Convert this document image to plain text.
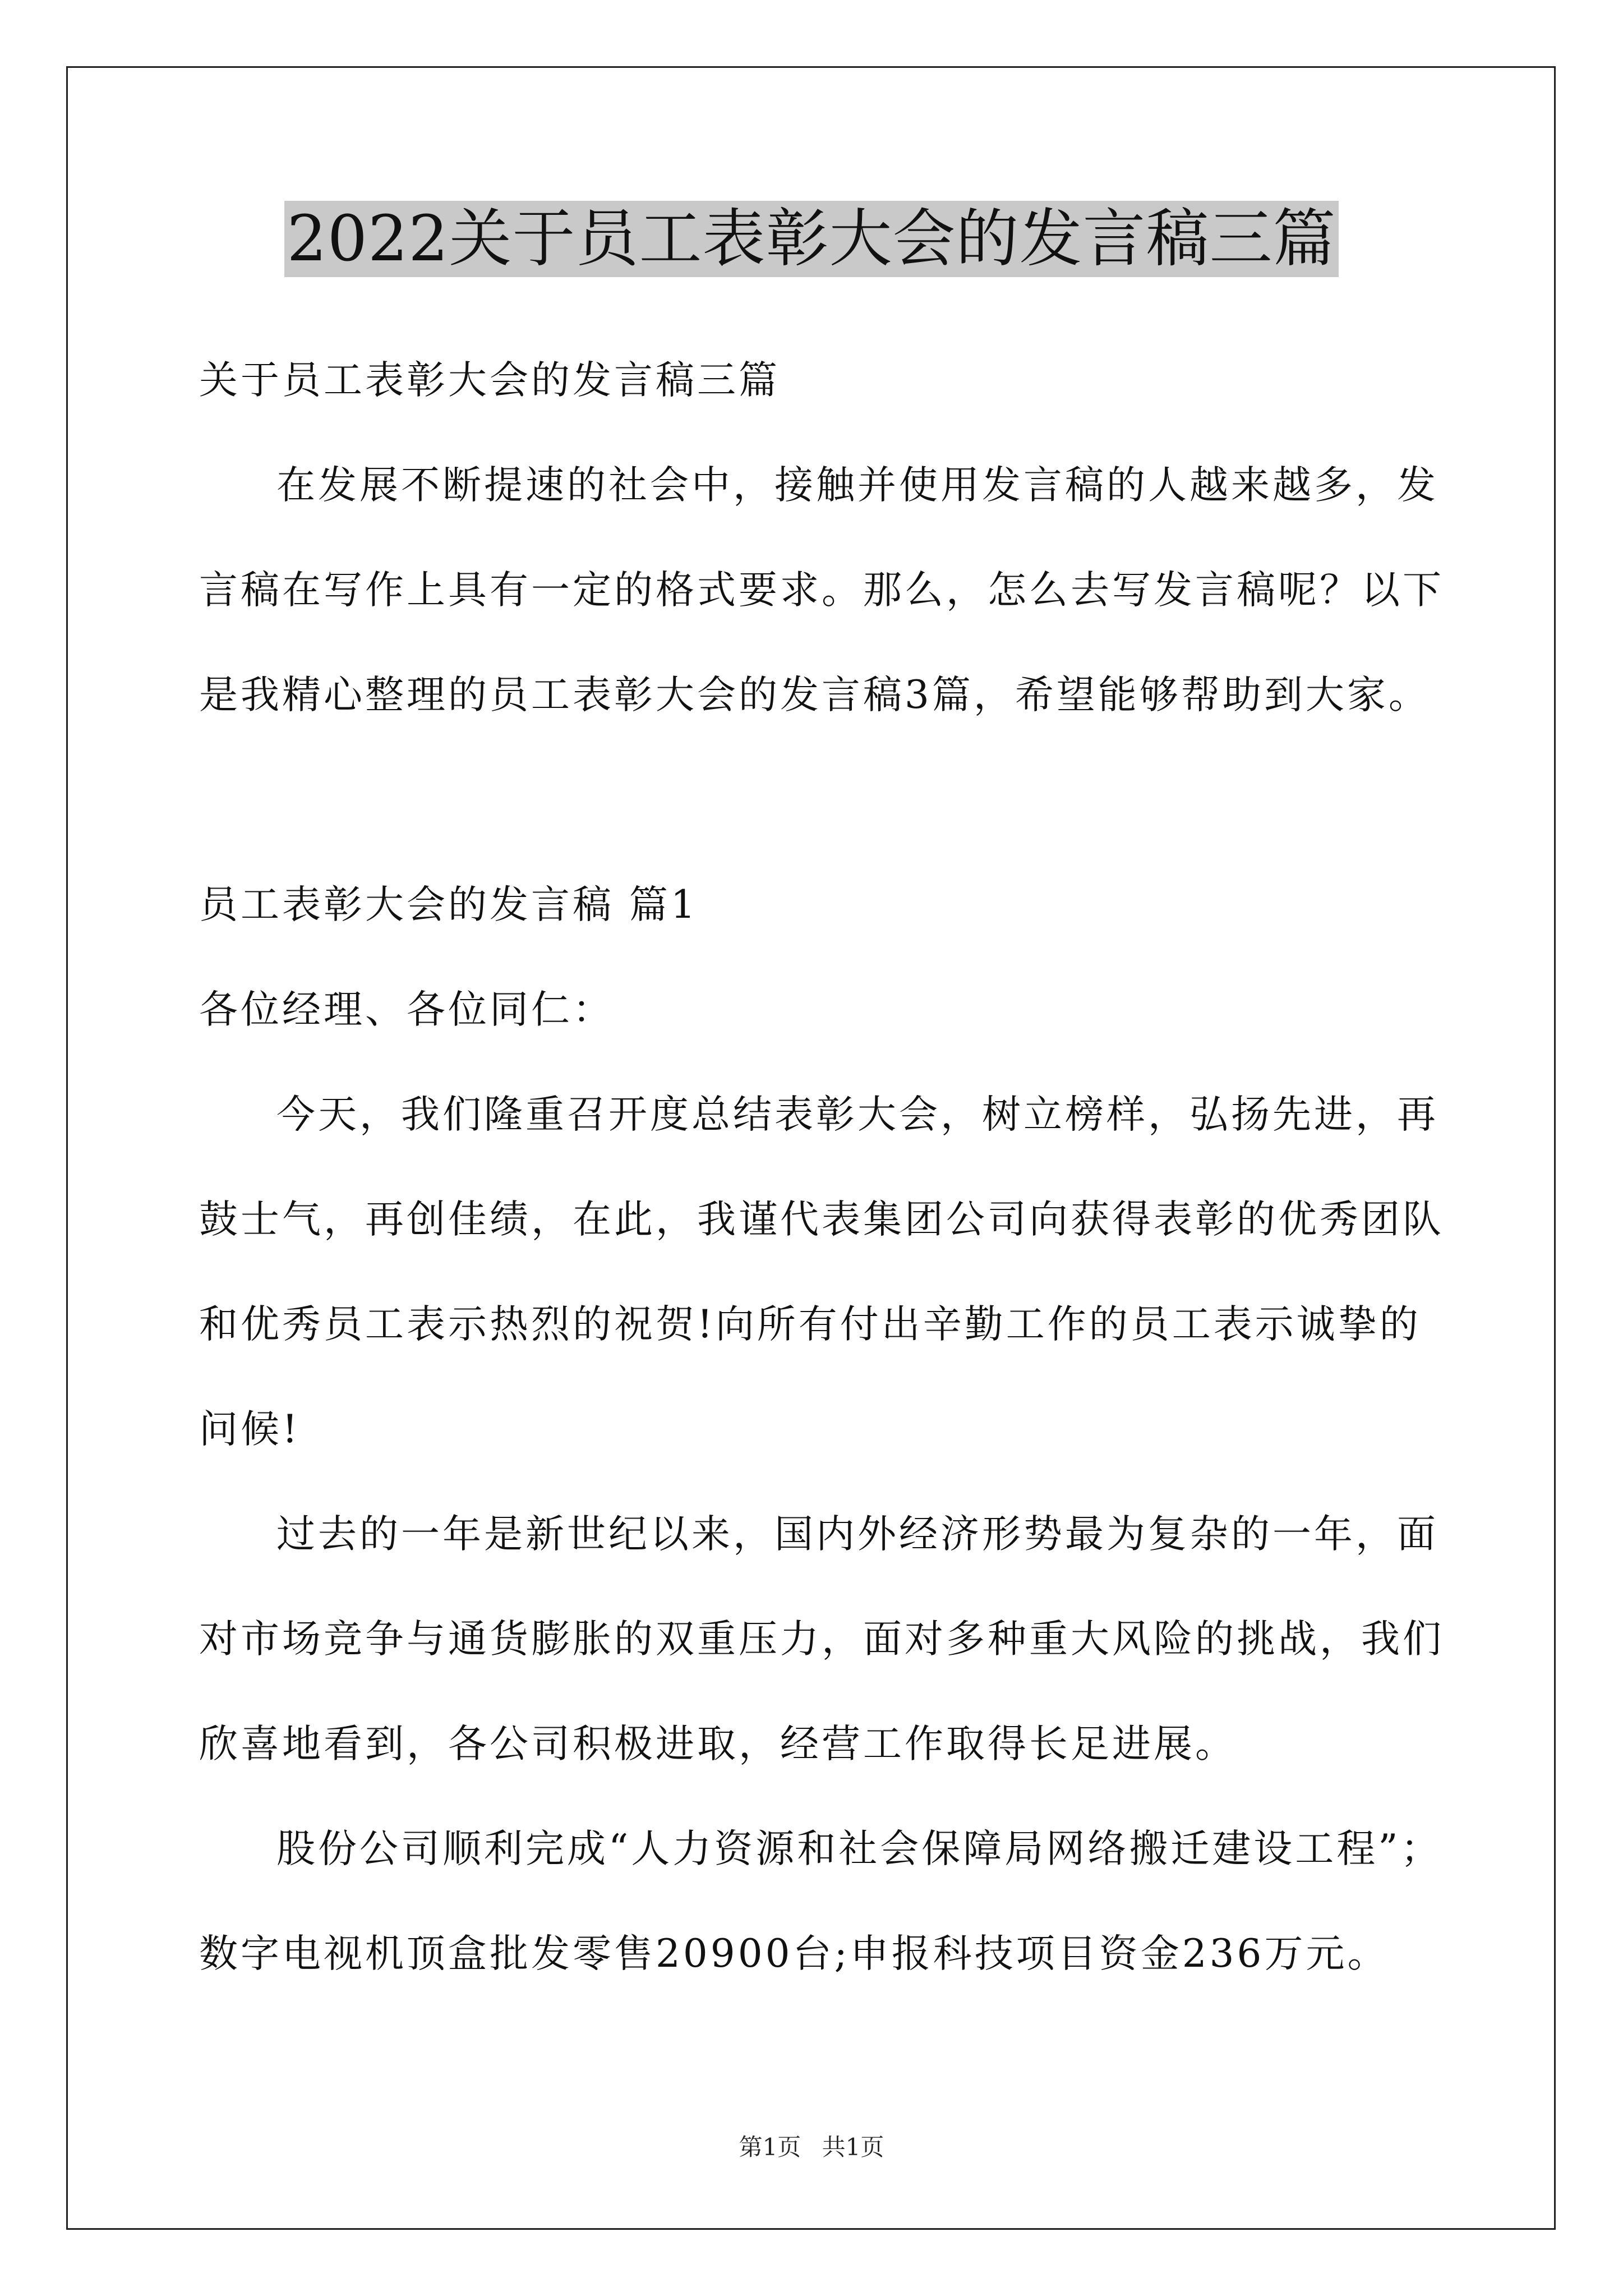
2022关于员工表彰大会的发言稿三篇
关于员工表彰大会的发言稿三篇
在发展不断提速的社会中，接触并使用发言稿的人越来越多，发
言稿在写作上具有一定的格式要求。那么，怎么去写发言稿呢？以下
是我精心整理的员工表彰大会的发言稿3篇，希望能够帮助到大家。
员工表彰大会的发言稿 篇1
各位经理、各位同仁：
今天，我们隆重召开度总结表彰大会，树立榜样，弘扬先进，再
鼓士气，再创佳绩，在此，我谨代表集团公司向获得表彰的优秀团队
和优秀员工表示热烈的祝贺!向所有付出辛勤工作的员工表示诚挚的
问候!
过去的一年是新世纪以来，国内外经济形势最为复杂的一年，面
对市场竞争与通货膨胀的双重压力，面对多种重大风险的挑战，我们
欣喜地看到，各公司积极进取，经营工作取得长足进展。
股份公司顺利完成“人力资源和社会保障局网络搬迁建设工程”；
数字电视机顶盒批发零售20900台;申报科技项目资金236万元。
第1页 共1页
